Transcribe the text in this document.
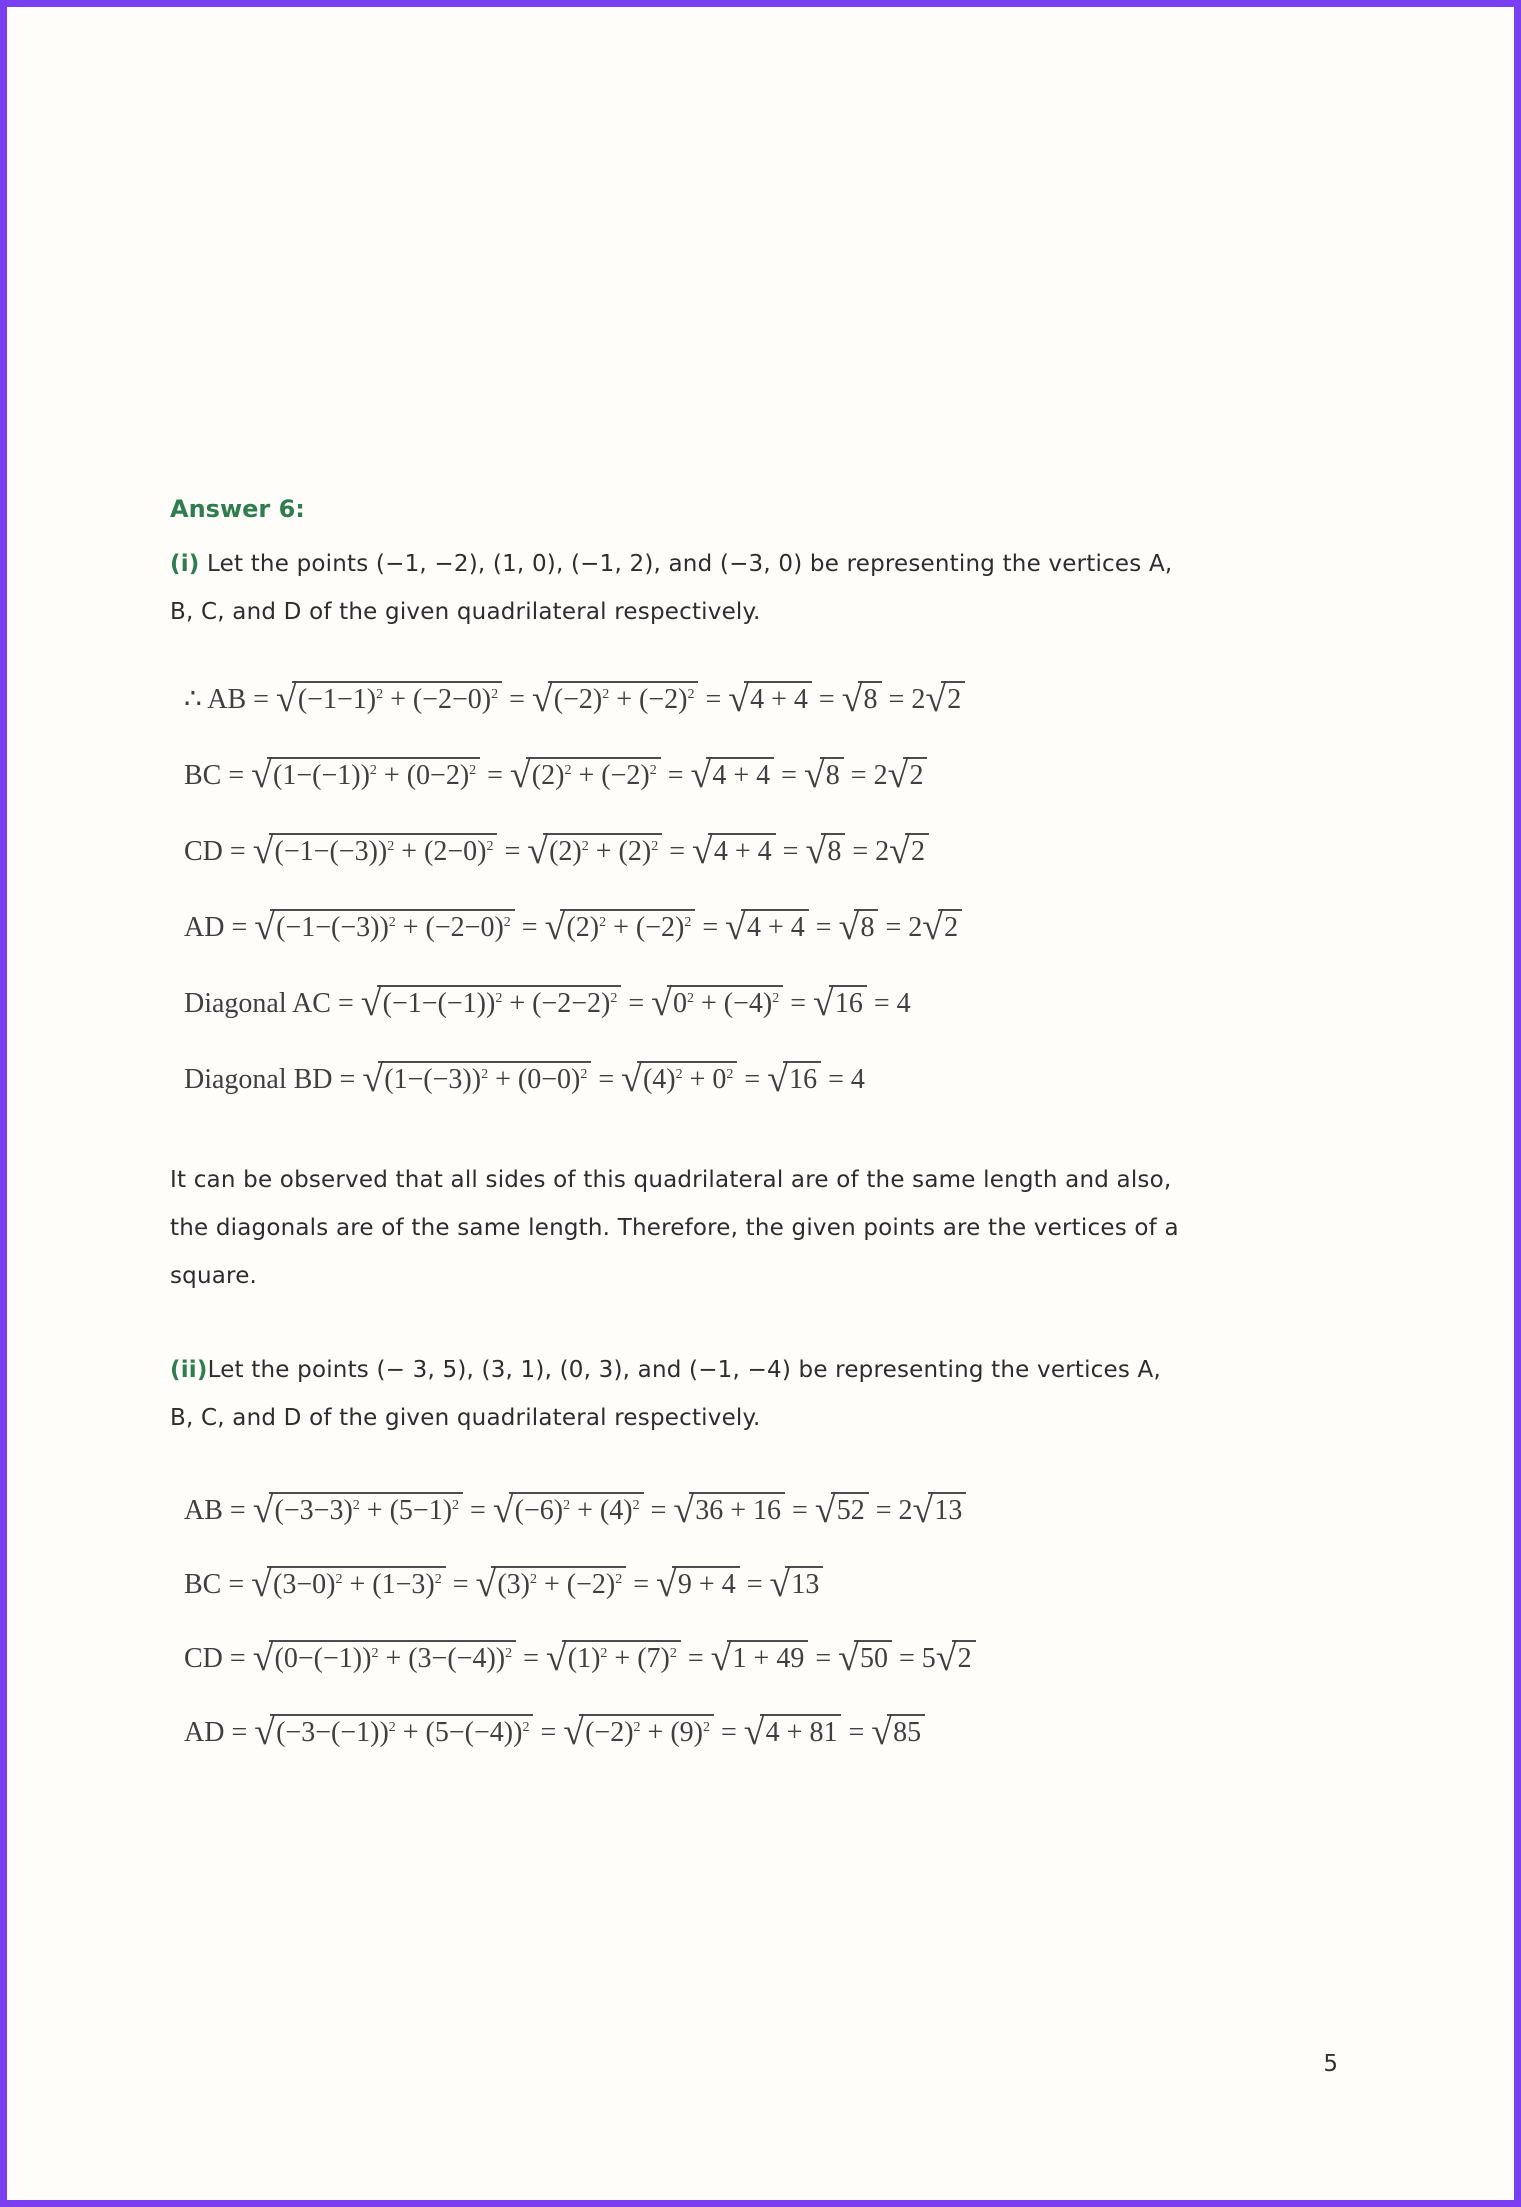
Answer 6:

(i) Let the points (−1, −2), (1, 0), (−1, 2), and (−3, 0) be representing the vertices A,
B, C, and D of the given quadrilateral respectively.

∴ AB = $√(-1-1)^2 + (-2-0)^2 = √(-2)^2 + (-2)^2 = √4 + 4 = √8 = 2√2$
BC = $√(1-(-1))^2 + (0-2)^2 = √(2)^2 + (-2)^2 = √4 + 4 = √8 = 2√2$
CD = $√(-1-(-3))^2 + (2-0)^2 = √(2)^2 + (2)^2 = √4 + 4 = √8 = 2√2$
AD = $√(-1-(-3))^2 + (-2-0)^2 = √(2)^2 + (-2)^2 = √4 + 4 = √8 = 2√2$
Diagonal AC = $√(-1-(-1))^2 + (-2-2)^2 = √0^2 + (-4)^2 = √16 = 4$
Diagonal BD = $√(1-(-3))^2 + (0-0)^2 = √(4)^2 + 0^2 = √16 = 4$

It can be observed that all sides of this quadrilateral are of the same length and also,
the diagonals are of the same length. Therefore, the given points are the vertices of a
square.

(ii)Let the points (− 3, 5), (3, 1), (0, 3), and (−1, −4) be representing the vertices A,
B, C, and D of the given quadrilateral respectively.

AB = $√(-3-3)^2 + (5-1)^2 = √(-6)^2 + (4)^2 = √36 + 16 = √52 = 2√13$
BC = $√(3-0)^2 + (1-3)^2 = √(3)^2 + (-2)^2 = √9 + 4 = √13$
CD = $√(0-(-1))^2 + (3-(-4))^2 = √(1)^2 + (7)^2 = √1 + 49 = √50 = 5√2$
AD = $√(-3-(-1))^2 + (5-(-4))^2 = √(-2)^2 + (9)^2 = √4 + 81 = √85$
5
